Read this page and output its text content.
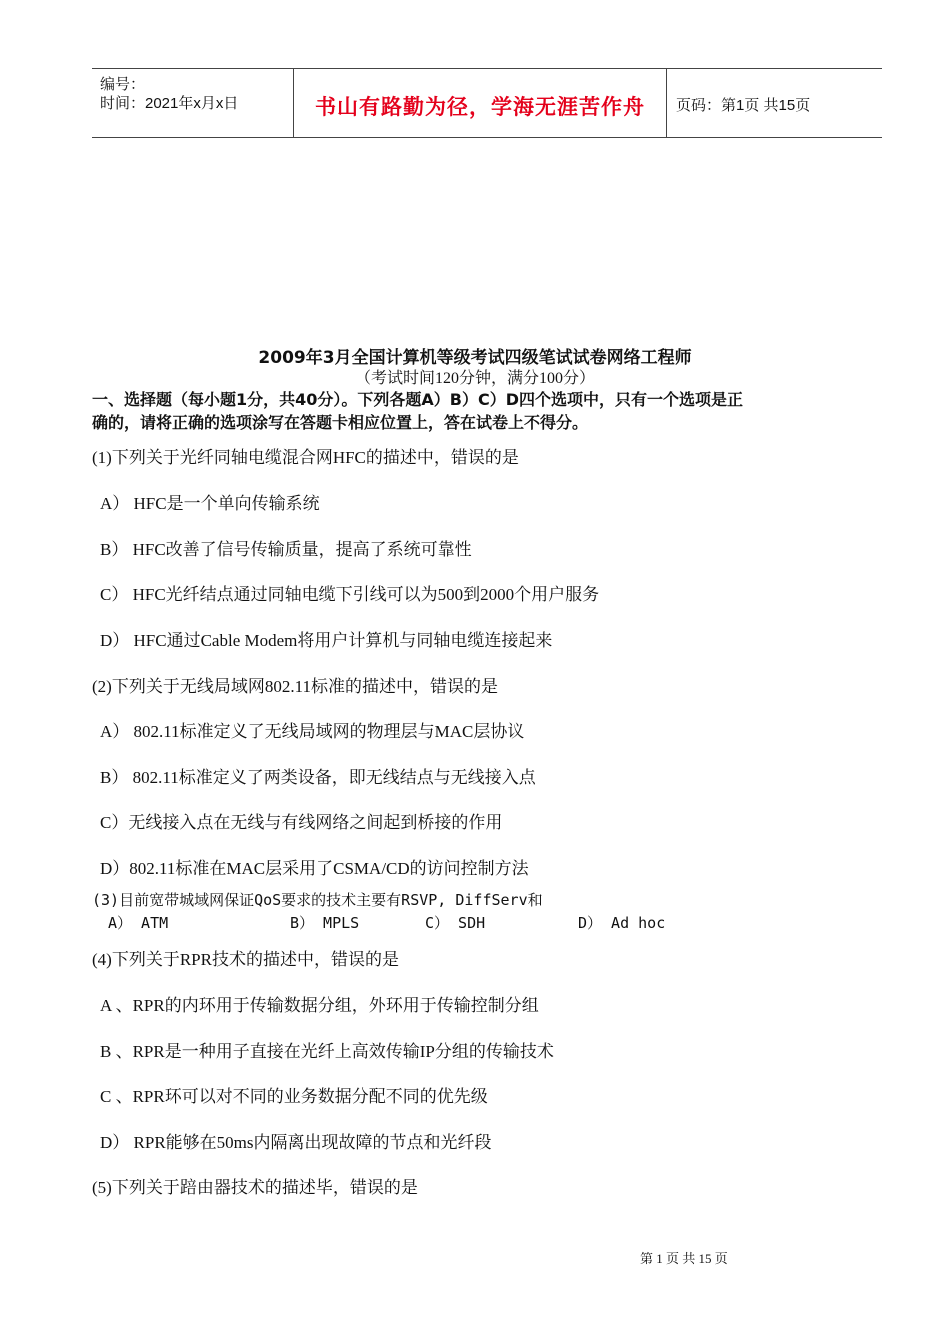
编号：
时间：2021年x月x日	书山有路勤为径，学海无涯苦作舟	页码：第1页 共15页
2009年3月全国计算机等级考试四级笔试试卷网络工程师
（考试时间120分钟，满分100分）
一、选择题（每小题1分，共40分）。下列各题A）B）C）D四个选项中，只有一个选项是正
确的，请将正确的选项涂写在答题卡相应位置上，答在试卷上不得分。
(1)下列关于光纤同轴电缆混合网HFC的描述中，错误的是
A） HFC是一个单向传输系统
B） HFC改善了信号传输质量，提高了系统可靠性
C） HFC光纤结点通过同轴电缆下引线可以为500到2000个用户服务
D） HFC通过Cable Modem将用户计算机与同轴电缆连接起来
(2)下列关于无线局域网802.11标准的描述中，错误的是
A） 802.11标准定义了无线局域网的物理层与MAC层协议
B） 802.11标准定义了两类设备，即无线结点与无线接入点
C）无线接入点在无线与有线网络之间起到桥接的作用
D）802.11标准在MAC层采用了CSMA/CD的访问控制方法
(3)目前宽带城域网保证QoS要求的技术主要有RSVP, DiffServ和
A） ATM	B） MPLS	C） SDH	D） Ad hoc
(4)下列关于RPR技术的描述中，错误的是
A 、RPR的内环用于传输数据分组，外环用于传输控制分组
B 、RPR是一种用子直接在光纤上高效传输IP分组的传输技术
C 、RPR环可以对不同的业务数据分配不同的优先级
D） RPR能够在50ms内隔离出现故障的节点和光纤段
(5)下列关于踣由器技术的描述毕，错误的是
第 1 页 共 15 页
